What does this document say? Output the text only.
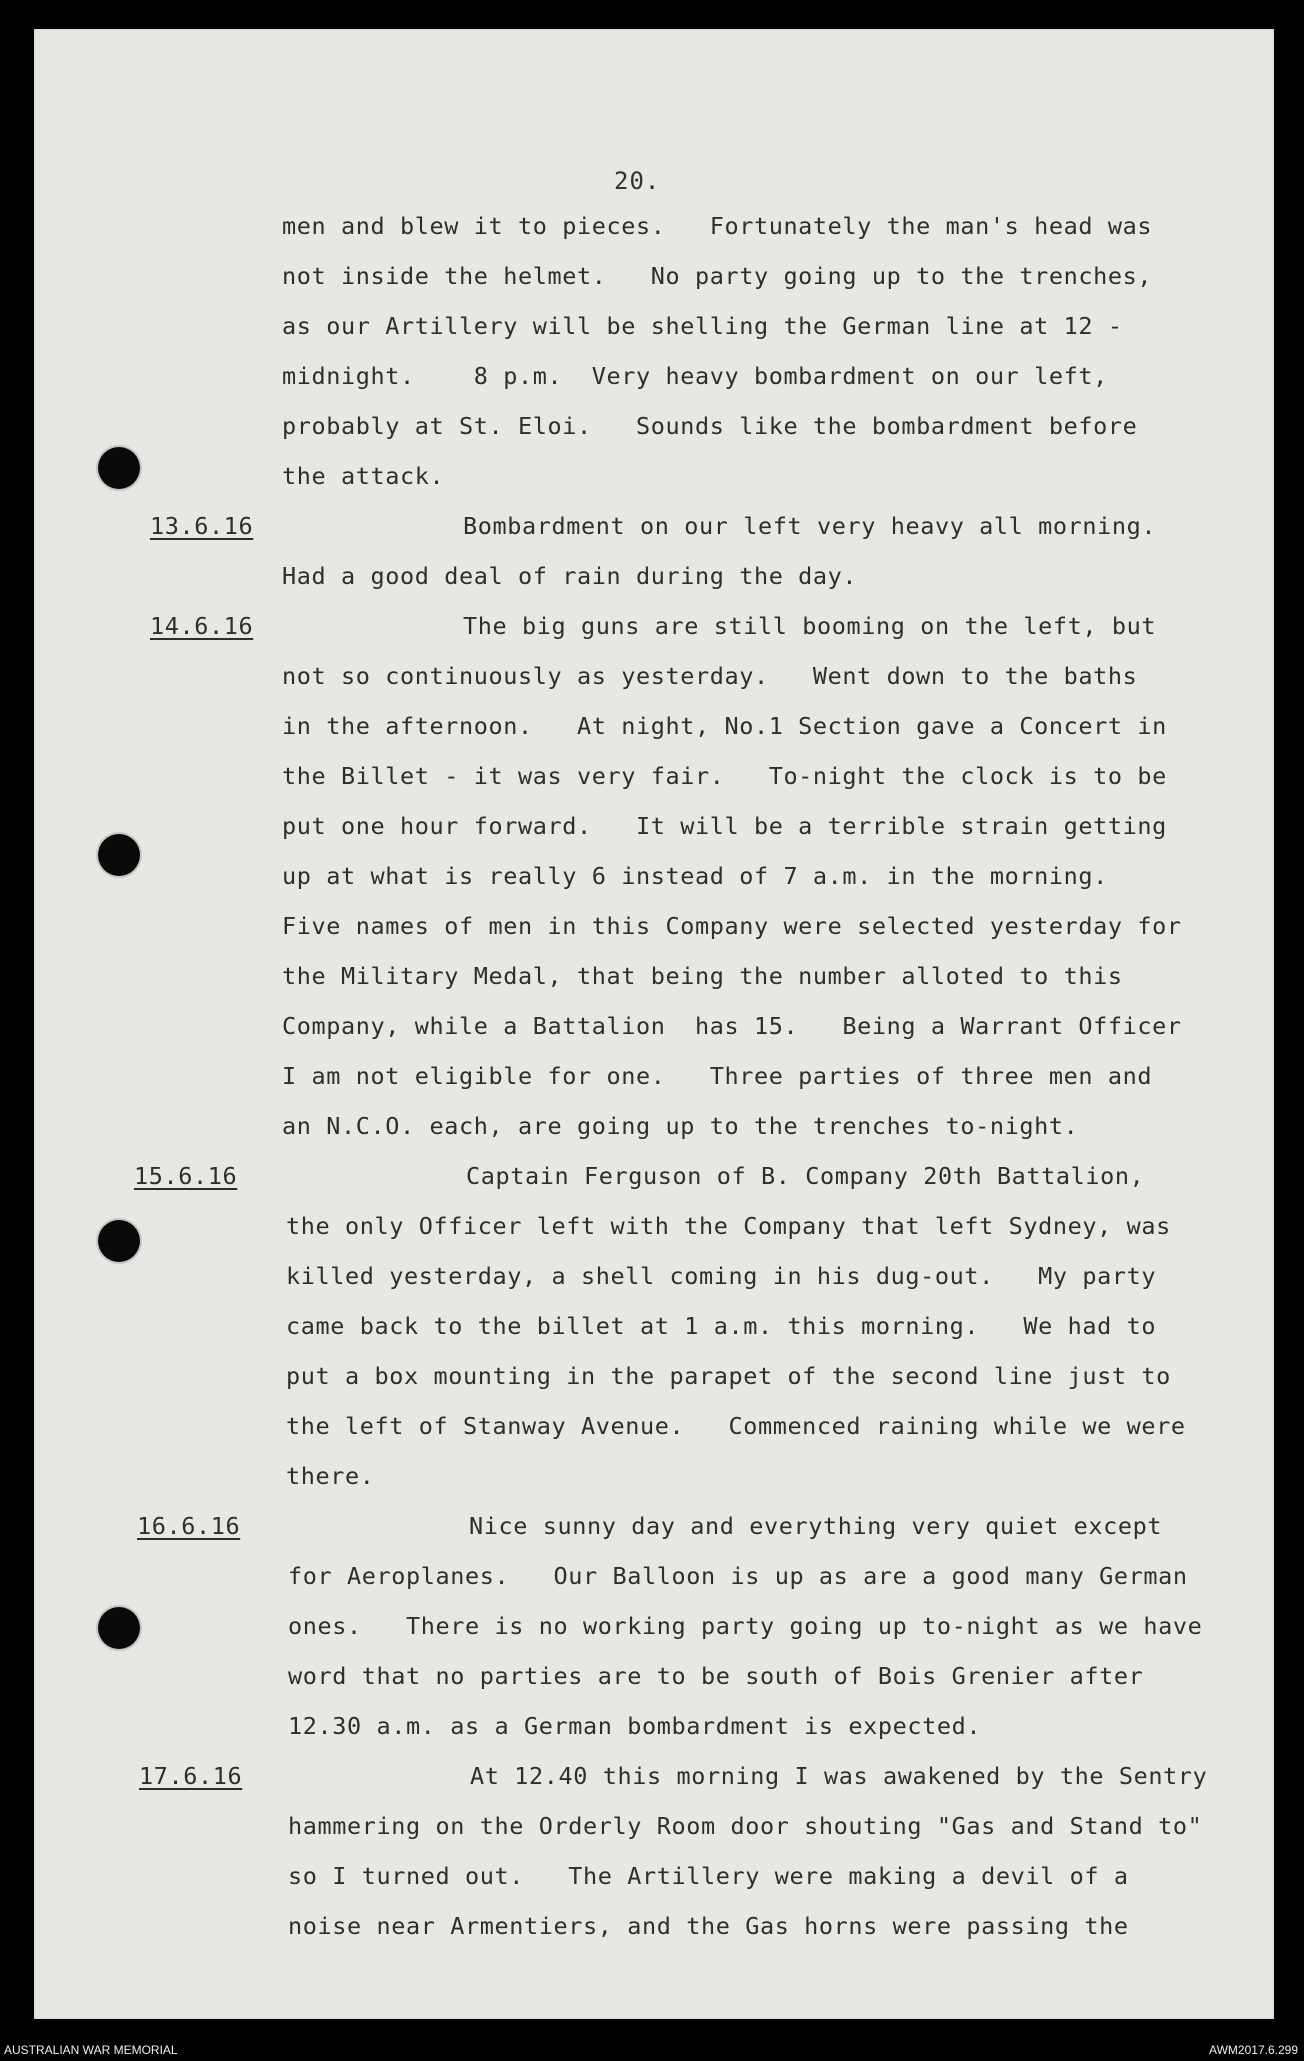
20.
men and blew it to pieces.   Fortunately the man's head was
not inside the helmet.   No party going up to the trenches,
as our Artillery will be shelling the German line at 12 -
midnight.    8 p.m.  Very heavy bombardment on our left,
probably at St. Eloi.   Sounds like the bombardment before
the attack.
13.6.16	Bombardment on our left very heavy all morning.
Had a good deal of rain during the day.
14.6.16	The big guns are still booming on the left, but
not so continuously as yesterday.   Went down to the baths
in the afternoon.   At night, No.1 Section gave a Concert in
the Billet - it was very fair.   To-night the clock is to be
put one hour forward.   It will be a terrible strain getting
up at what is really 6 instead of 7 a.m. in the morning.
Five names of men in this Company were selected yesterday for
the Military Medal, that being the number alloted to this
Company, while a Battalion  has 15.   Being a Warrant Officer
I am not eligible for one.   Three parties of three men and
an N.C.O. each, are going up to the trenches to-night.
15.6.16	Captain Ferguson of B. Company 20th Battalion,
the only Officer left with the Company that left Sydney, was
killed yesterday, a shell coming in his dug-out.   My party
came back to the billet at 1 a.m. this morning.   We had to
put a box mounting in the parapet of the second line just to
the left of Stanway Avenue.   Commenced raining while we were
there.
16.6.16	Nice sunny day and everything very quiet except
for Aeroplanes.   Our Balloon is up as are a good many German
ones.   There is no working party going up to-night as we have
word that no parties are to be south of Bois Grenier after
12.30 a.m. as a German bombardment is expected.
17.6.16	At 12.40 this morning I was awakened by the Sentry
hammering on the Orderly Room door shouting "Gas and Stand to"
so I turned out.   The Artillery were making a devil of a
noise near Armentiers, and the Gas horns were passing the
AUSTRALIAN WAR MEMORIAL	AWM2017.6.299
